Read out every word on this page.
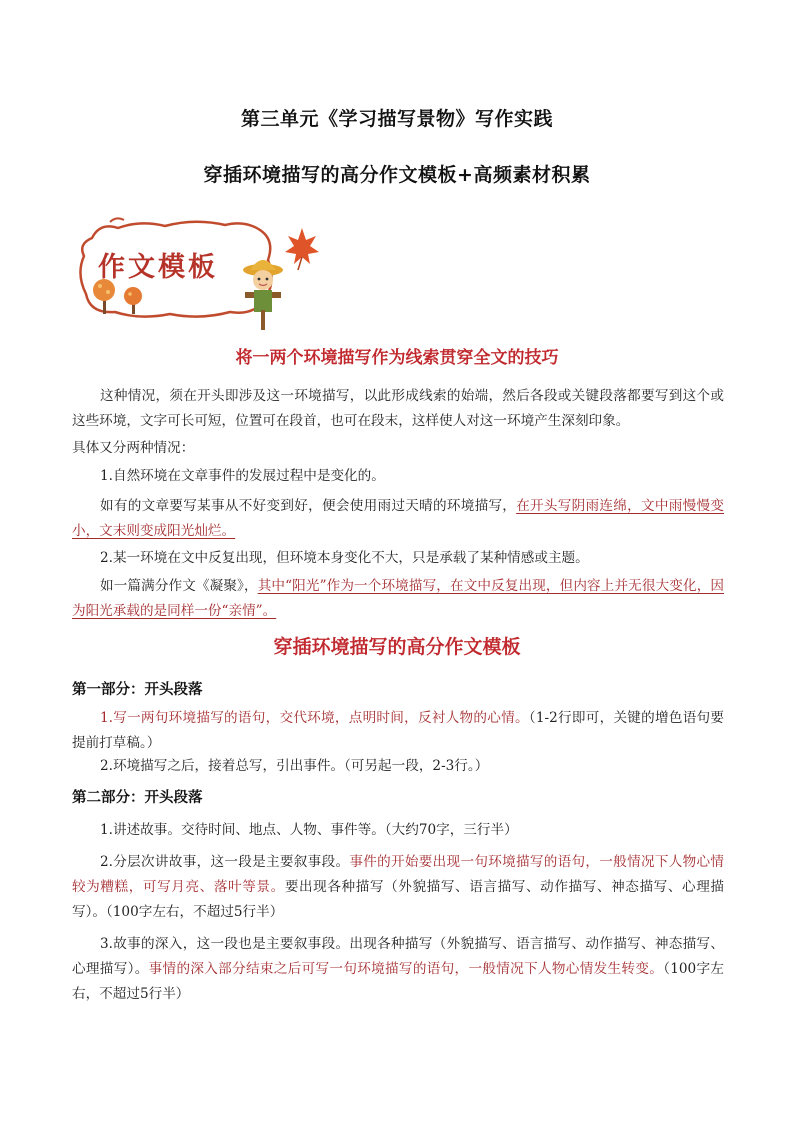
第三单元《学习描写景物》写作实践
穿插环境描写的高分作文模板+高频素材积累
作文模板
将一两个环境描写作为线索贯穿全文的技巧
这种情况，须在开头即涉及这一环境描写，以此形成线索的始端，然后各段或关键段落都要写到这个或这些环境，文字可长可短，位置可在段首，也可在段末，这样使人对这一环境产生深刻印象。
具体又分两种情况：
1.自然环境在文章事件的发展过程中是变化的。
如有的文章要写某事从不好变到好，便会使用雨过天晴的环境描写，在开头写阴雨连绵，文中雨慢慢变小，文末则变成阳光灿烂。
2.某一环境在文中反复出现，但环境本身变化不大，只是承载了某种情感或主题。
如一篇满分作文《凝聚》，其中“阳光”作为一个环境描写，在文中反复出现，但内容上并无很大变化，因为阳光承载的是同样一份“亲情”。
穿插环境描写的高分作文模板
第一部分：开头段落
1.写一两句环境描写的语句，交代环境，点明时间，反衬人物的心情。（1-2行即可，关键的增色语句要提前打草稿。）
2.环境描写之后，接着总写，引出事件。（可另起一段，2-3行。）
第二部分：开头段落
1.讲述故事。交待时间、地点、人物、事件等。（大约70字，三行半）
2.分层次讲故事，这一段是主要叙事段。事件的开始要出现一句环境描写的语句，一般情况下人物心情较为糟糕，可写月亮、落叶等景。要出现各种描写（外貌描写、语言描写、动作描写、神态描写、心理描写）。（100字左右，不超过5行半）
3.故事的深入，这一段也是主要叙事段。出现各种描写（外貌描写、语言描写、动作描写、神态描写、心理描写）。事情的深入部分结束之后可写一句环境描写的语句，一般情况下人物心情发生转变。（100字左右，不超过5行半）
